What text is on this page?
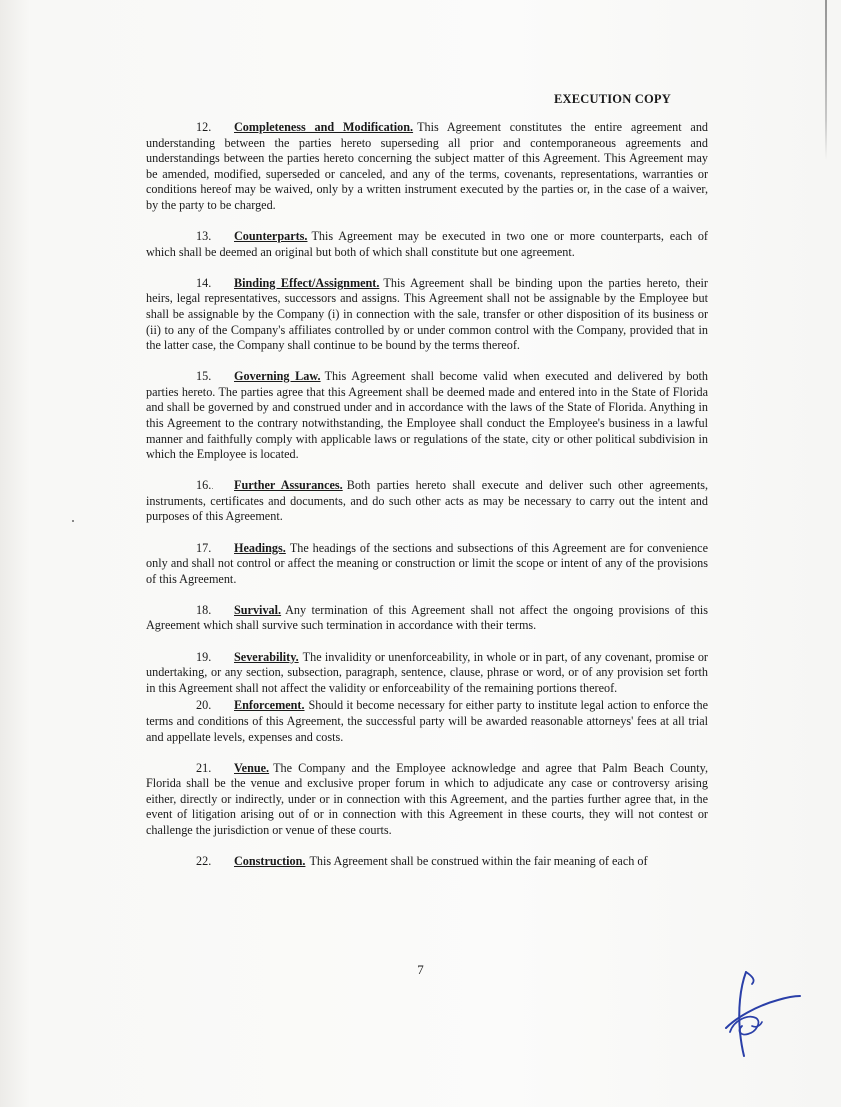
EXECUTION COPY

12. Completeness and Modification. This Agreement constitutes the entire agreement and understanding between the parties hereto superseding all prior and contemporaneous agreements and understandings between the parties hereto concerning the subject matter of this Agreement. This Agreement may be amended, modified, superseded or canceled, and any of the terms, covenants, representations, warranties or conditions hereof may be waived, only by a written instrument executed by the parties or, in the case of a waiver, by the party to be charged.

13. Counterparts. This Agreement may be executed in two one or more counterparts, each of which shall be deemed an original but both of which shall constitute but one agreement.

14. Binding Effect/Assignment. This Agreement shall be binding upon the parties hereto, their heirs, legal representatives, successors and assigns. This Agreement shall not be assignable by the Employee but shall be assignable by the Company (i) in connection with the sale, transfer or other disposition of its business or (ii) to any of the Company's affiliates controlled by or under common control with the Company, provided that in the latter case, the Company shall continue to be bound by the terms thereof.

15. Governing Law. This Agreement shall become valid when executed and delivered by both parties hereto. The parties agree that this Agreement shall be deemed made and entered into in the State of Florida and shall be governed by and construed under and in accordance with the laws of the State of Florida. Anything in this Agreement to the contrary notwithstanding, the Employee shall conduct the Employee's business in a lawful manner and faithfully comply with applicable laws or regulations of the state, city or other political subdivision in which the Employee is located.

16. Further Assurances. Both parties hereto shall execute and deliver such other agreements, instruments, certificates and documents, and do such other acts as may be necessary to carry out the intent and purposes of this Agreement.

17. Headings. The headings of the sections and subsections of this Agreement are for convenience only and shall not control or affect the meaning or construction or limit the scope or intent of any of the provisions of this Agreement.

18. Survival. Any termination of this Agreement shall not affect the ongoing provisions of this Agreement which shall survive such termination in accordance with their terms.

19. Severability. The invalidity or unenforceability, in whole or in part, of any covenant, promise or undertaking, or any section, subsection, paragraph, sentence, clause, phrase or word, or of any provision set forth in this Agreement shall not affect the validity or enforceability of the remaining portions thereof.

20. Enforcement. Should it become necessary for either party to institute legal action to enforce the terms and conditions of this Agreement, the successful party will be awarded reasonable attorneys' fees at all trial and appellate levels, expenses and costs.

21. Venue. The Company and the Employee acknowledge and agree that Palm Beach County, Florida shall be the venue and exclusive proper forum in which to adjudicate any case or controversy arising either, directly or indirectly, under or in connection with this Agreement, and the parties further agree that, in the event of litigation arising out of or in connection with this Agreement in these courts, they will not contest or challenge the jurisdiction or venue of these courts.

22. Construction. This Agreement shall be construed within the fair meaning of each of

7
